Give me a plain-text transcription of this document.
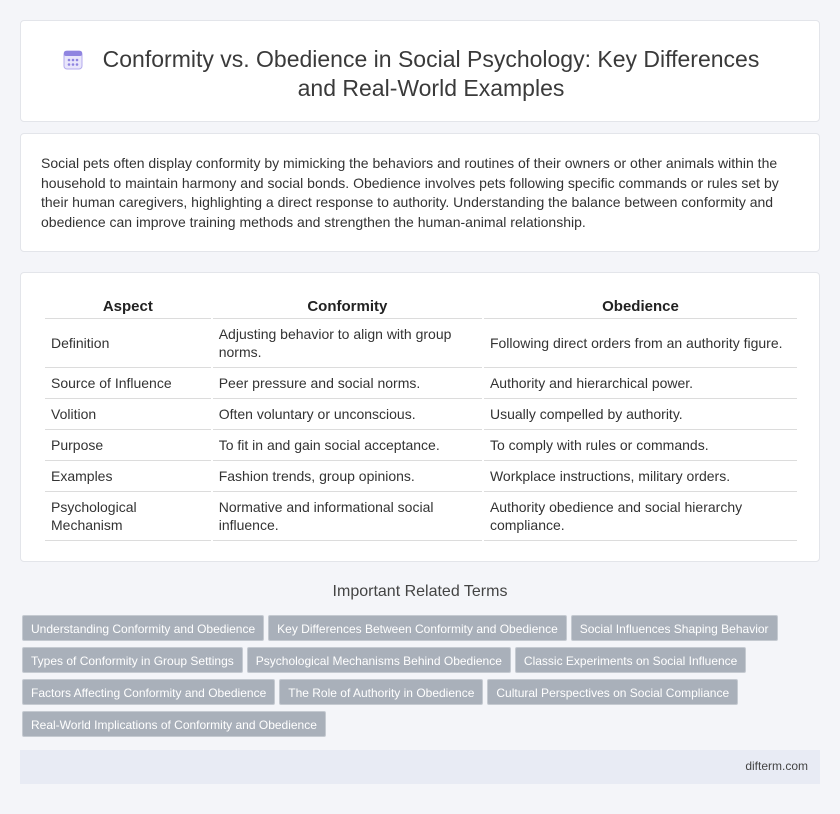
Conformity vs. Obedience in Social Psychology: Key Differences and Real-World Examples

Social pets often display conformity by mimicking the behaviors and routines of their owners or other animals within the household to maintain harmony and social bonds. Obedience involves pets following specific commands or rules set by their human caregivers, highlighting a direct response to authority. Understanding the balance between conformity and obedience can improve training methods and strengthen the human-animal relationship.

Aspect	Conformity	Obedience
Definition	Adjusting behavior to align with group norms.	Following direct orders from an authority figure.
Source of Influence	Peer pressure and social norms.	Authority and hierarchical power.
Volition	Often voluntary or unconscious.	Usually compelled by authority.
Purpose	To fit in and gain social acceptance.	To comply with rules or commands.
Examples	Fashion trends, group opinions.	Workplace instructions, military orders.
Psychological Mechanism	Normative and informational social influence.	Authority obedience and social hierarchy compliance.
Important Related Terms
Understanding Conformity and Obedience Key Differences Between Conformity and Obedience Social Influences Shaping Behavior
Types of Conformity in Group Settings Psychological Mechanisms Behind Obedience Classic Experiments on Social Influence
Factors Affecting Conformity and Obedience The Role of Authority in Obedience Cultural Perspectives on Social Compliance
Real-World Implications of Conformity and Obedience
difterm.com
